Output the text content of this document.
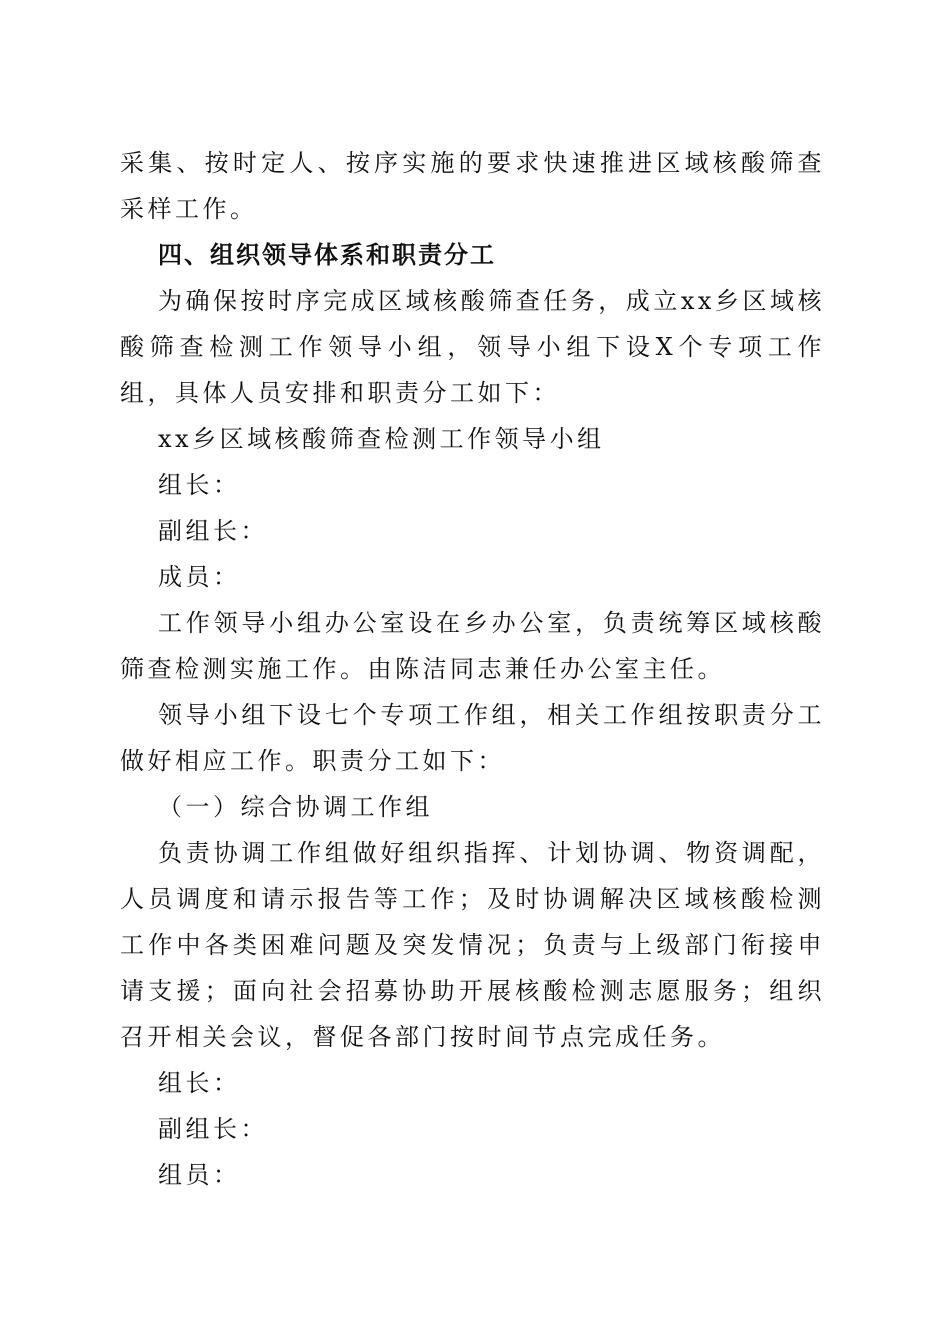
采集、按时定人、按序实施的要求快速推进区域核酸筛查采样工作。

四、组织领导体系和职责分工

为确保按时序完成区域核酸筛查任务，成立xx乡区域核酸筛查检测工作领导小组，领导小组下设X个专项工作组，具体人员安排和职责分工如下：

xx乡区域核酸筛查检测工作领导小组

组长：

副组长：

成员：

工作领导小组办公室设在乡办公室，负责统筹区域核酸筛查检测实施工作。由陈洁同志兼任办公室主任。

领导小组下设七个专项工作组，相关工作组按职责分工做好相应工作。职责分工如下：

（一）综合协调工作组

负责协调工作组做好组织指挥、计划协调、物资调配，人员调度和请示报告等工作；及时协调解决区域核酸检测工作中各类困难问题及突发情况；负责与上级部门衔接申请支援；面向社会招募协助开展核酸检测志愿服务；组织召开相关会议，督促各部门按时间节点完成任务。

组长：

副组长：

组员：
